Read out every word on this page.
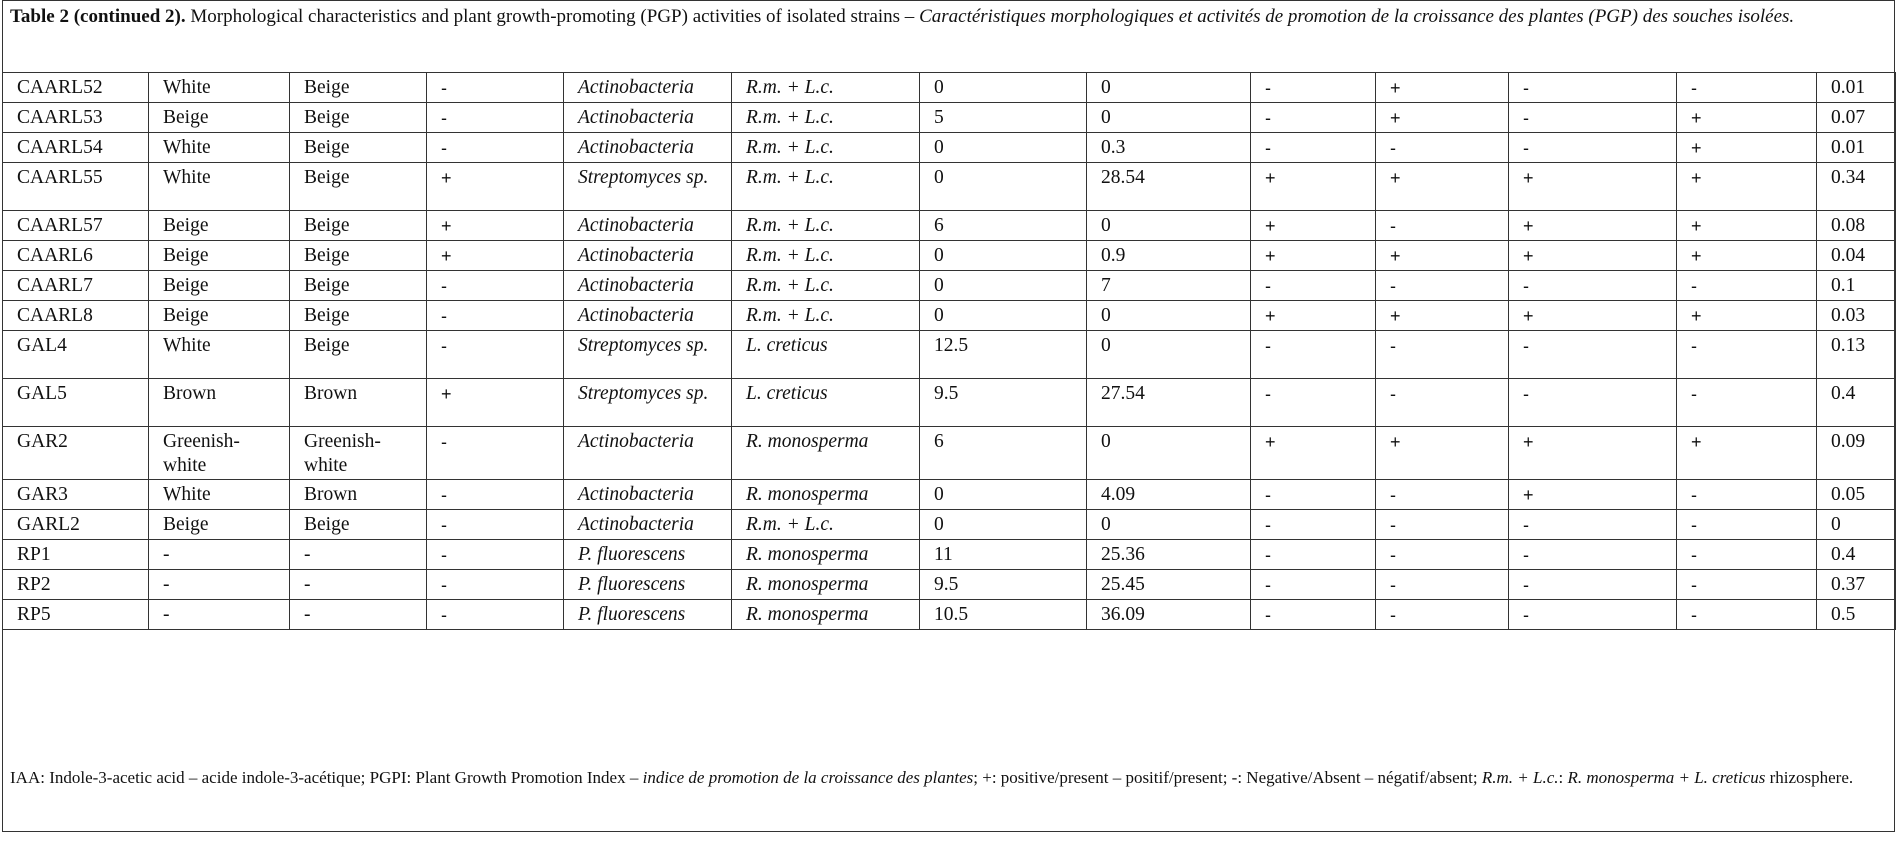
Table 2 (continued 2). Morphological characteristics and plant growth-promoting (PGP) activities of isolated strains – Caractéristiques morphologiques et activités de promotion de la croissance des plantes (PGP) des souches isolées.
CAARL52	White	Beige	-	Actinobacteria	R.m. + L.c.	0	0	-	+	-	-	0.01
CAARL53	Beige	Beige	-	Actinobacteria	R.m. + L.c.	5	0	-	+	-	+	0.07
CAARL54	White	Beige	-	Actinobacteria	R.m. + L.c.	0	0.3	-	-	-	+	0.01
CAARL55	White	Beige	+	Streptomyces sp.	R.m. + L.c.	0	28.54	+	+	+	+	0.34
CAARL57	Beige	Beige	+	Actinobacteria	R.m. + L.c.	6	0	+	-	+	+	0.08
CAARL6	Beige	Beige	+	Actinobacteria	R.m. + L.c.	0	0.9	+	+	+	+	0.04
CAARL7	Beige	Beige	-	Actinobacteria	R.m. + L.c.	0	7	-	-	-	-	0.1
CAARL8	Beige	Beige	-	Actinobacteria	R.m. + L.c.	0	0	+	+	+	+	0.03
GAL4	White	Beige	-	Streptomyces sp.	L. creticus	12.5	0	-	-	-	-	0.13
GAL5	Brown	Brown	+	Streptomyces sp.	L. creticus	9.5	27.54	-	-	-	-	0.4
GAR2	Greenish-white	Greenish-white	-	Actinobacteria	R. monosperma	6	0	+	+	+	+	0.09
GAR3	White	Brown	-	Actinobacteria	R. monosperma	0	4.09	-	-	+	-	0.05
GARL2	Beige	Beige	-	Actinobacteria	R.m. + L.c.	0	0	-	-	-	-	0
RP1	-	-	-	P. fluorescens	R. monosperma	11	25.36	-	-	-	-	0.4
RP2	-	-	-	P. fluorescens	R. monosperma	9.5	25.45	-	-	-	-	0.37
RP5	-	-	-	P. fluorescens	R. monosperma	10.5	36.09	-	-	-	-	0.5
IAA: Indole-3-acetic acid – acide indole-3-acétique; PGPI: Plant Growth Promotion Index – indice de promotion de la croissance des plantes; +: positive/present – positif/present; -: Negative/Absent – négatif/absent; R.m. + L.c.: R. monosperma + L. creticus rhizosphere.
